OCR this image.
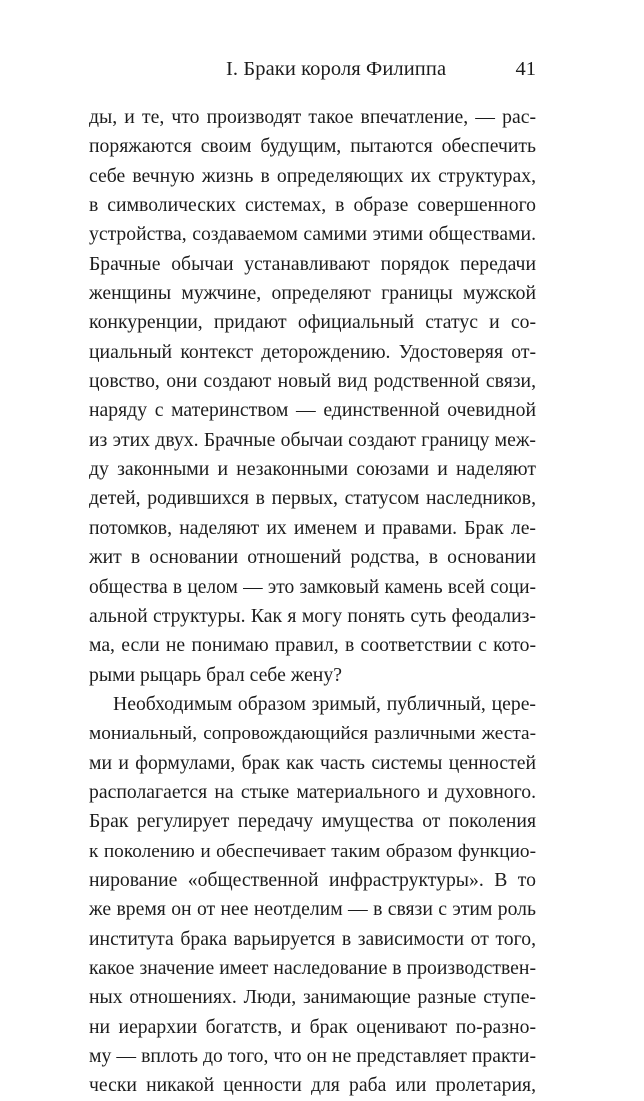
I. Браки короля Филиппа	41
ды, и те, что производят такое впечатление, — рас-
поряжаются своим будущим, пытаются обеспечить
себе вечную жизнь в определяющих их структурах,
в символических системах, в образе совершенного
устройства, создаваемом самими этими обществами.
Брачные обычаи устанавливают порядок передачи
женщины мужчине, определяют границы мужской
конкуренции, придают официальный статус и со-
циальный контекст деторождению. Удостоверяя от-
цовство, они создают новый вид родственной связи,
наряду с материнством — единственной очевидной
из этих двух. Брачные обычаи создают границу меж-
ду законными и незаконными союзами и наделяют
детей, родившихся в первых, статусом наследников,
потомков, наделяют их именем и правами. Брак ле-
жит в основании отношений родства, в основании
общества в целом — это замковый камень всей соци-
альной структуры. Как я могу понять суть феодализ-
ма, если не понимаю правил, в соответствии с кото-
рыми рыцарь брал себе жену?
Необходимым образом зримый, публичный, цере-
мониальный, сопровождающийся различными жеста-
ми и формулами, брак как часть системы ценностей
располагается на стыке материального и духовного.
Брак регулирует передачу имущества от поколения
к поколению и обеспечивает таким образом функцио-
нирование «общественной инфраструктуры». В то
же время он от нее неотделим — в связи с этим роль
института брака варьируется в зависимости от того,
какое значение имеет наследование в производствен-
ных отношениях. Люди, занимающие разные ступе-
ни иерархии богатств, и брак оценивают по-разно-
му — вплоть до того, что он не представляет практи-
чески никакой ценности для раба или пролетария,
